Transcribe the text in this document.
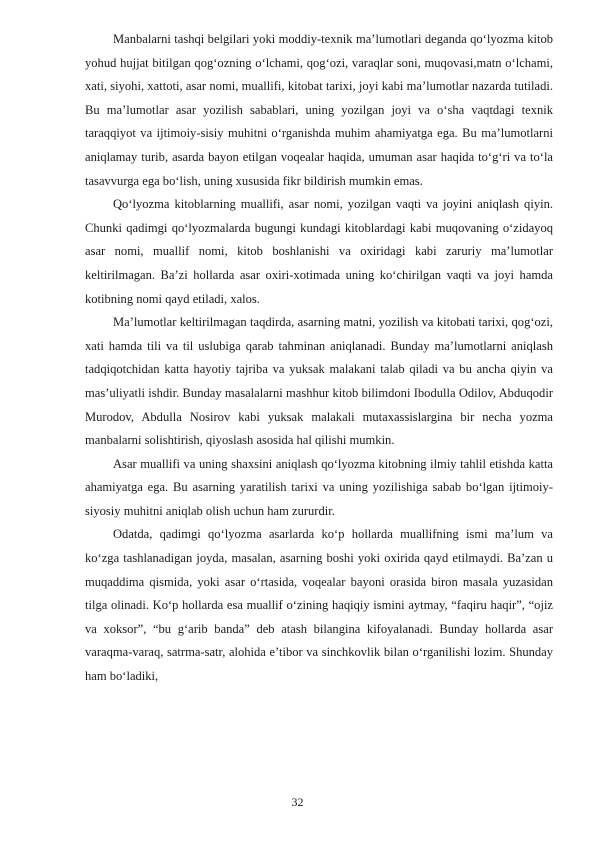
Manbalarni tashqi belgilari yoki moddiy-texnik ma’lumotlari deganda qo‘lyozma kitob yohud hujjat bitilgan qog‘ozning o‘lchami, qog‘ozi, varaqlar soni, muqovasi,matn o‘lchami, xati, siyohi, xattoti, asar nomi, muallifi, kitobat tarixi, joyi kabi ma’lumotlar nazarda tutiladi. Bu ma’lumotlar asar yozilish sabablari, uning yozilgan joyi va o‘sha vaqtdagi texnik taraqqiyot va ijtimoiy-sisiy muhitni o‘rganishda muhim ahamiyatga ega. Bu ma’lumotlarni aniqlamay turib, asarda bayon etilgan voqealar haqida, umuman asar haqida to‘g‘ri va to‘la tasavvurga ega bo‘lish, uning xususida fikr bildirish mumkin emas.

Qo‘lyozma kitoblarning muallifi, asar nomi, yozilgan vaqti va joyini aniqlash qiyin. Chunki qadimgi qo‘lyozmalarda bugungi kundagi kitoblardagi kabi muqovaning o‘zidayoq asar nomi, muallif nomi, kitob boshlanishi va oxiridagi kabi zaruriy ma’lumotlar keltirilmagan. Ba’zi hollarda asar oxiri-xotimada uning ko‘chirilgan vaqti va joyi hamda kotibning nomi qayd etiladi, xalos.

Ma’lumotlar keltirilmagan taqdirda, asarning matni, yozilish va kitobati tarixi, qog‘ozi, xati hamda tili va til uslubiga qarab tahminan aniqlanadi. Bunday ma’lumotlarni aniqlash tadqiqotchidan katta hayotiy tajriba va yuksak malakani talab qiladi va bu ancha qiyin va mas’uliyatli ishdir. Bunday masalalarni mashhur kitob bilimdoni Ibodulla Odilov, Abduqodir Murodov, Abdulla Nosirov kabi yuksak malakali mutaxassislargina bir necha yozma manbalarni solishtirish, qiyoslash asosida hal qilishi mumkin.

Asar muallifi va uning shaxsini aniqlash qo‘lyozma kitobning ilmiy tahlil etishda katta ahamiyatga ega. Bu asarning yaratilish tarixi va uning yozilishiga sabab bo‘lgan ijtimoiy-siyosiy muhitni aniqlab olish uchun ham zururdir.

Odatda, qadimgi qo‘lyozma asarlarda ko‘p hollarda muallifning ismi ma’lum va ko‘zga tashlanadigan joyda, masalan, asarning boshi yoki oxirida qayd etilmaydi. Ba’zan u muqaddima qismida, yoki asar o‘rtasida, voqealar bayoni orasida biron masala yuzasidan tilga olinadi. Ko‘p hollarda esa muallif o‘zining haqiqiy ismini aytmay, “faqiru haqir”, “ojiz va xoksor”, “bu g‘arib banda” deb atash bilangina kifoyalanadi. Bunday hollarda asar varaqma-varaq, satrma-satr, alohida e’tibor va sinchkovlik bilan o‘rganilishi lozim. Shunday ham bo‘ladiki,

32
